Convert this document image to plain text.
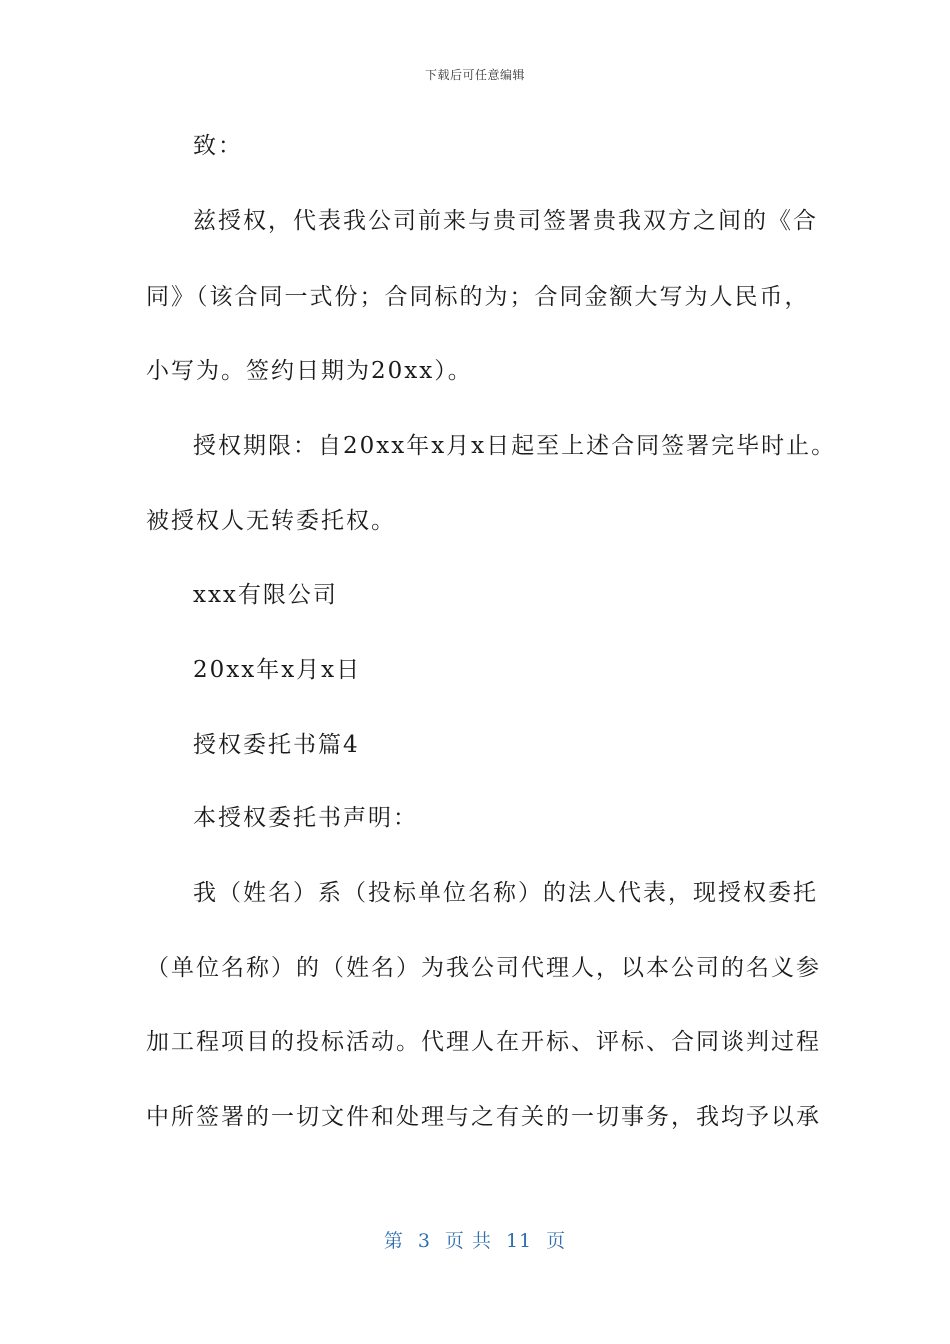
下载后可任意编辑
致：
兹授权，代表我公司前来与贵司签署贵我双方之间的《合
同》（该合同一式份；合同标的为；合同金额大写为人民币，
小写为。签约日期为20xx）。
授权期限：自20xx年x月x日起至上述合同签署完毕时止。
被授权人无转委托权。
xxx有限公司
20xx年x月x日
授权委托书篇4
本授权委托书声明：
我（姓名）系（投标单位名称）的法人代表，现授权委托
（单位名称）的（姓名）为我公司代理人，以本公司的名义参
加工程项目的投标活动。代理人在开标、评标、合同谈判过程
中所签署的一切文件和处理与之有关的一切事务，我均予以承
第 3 页 共 11 页
